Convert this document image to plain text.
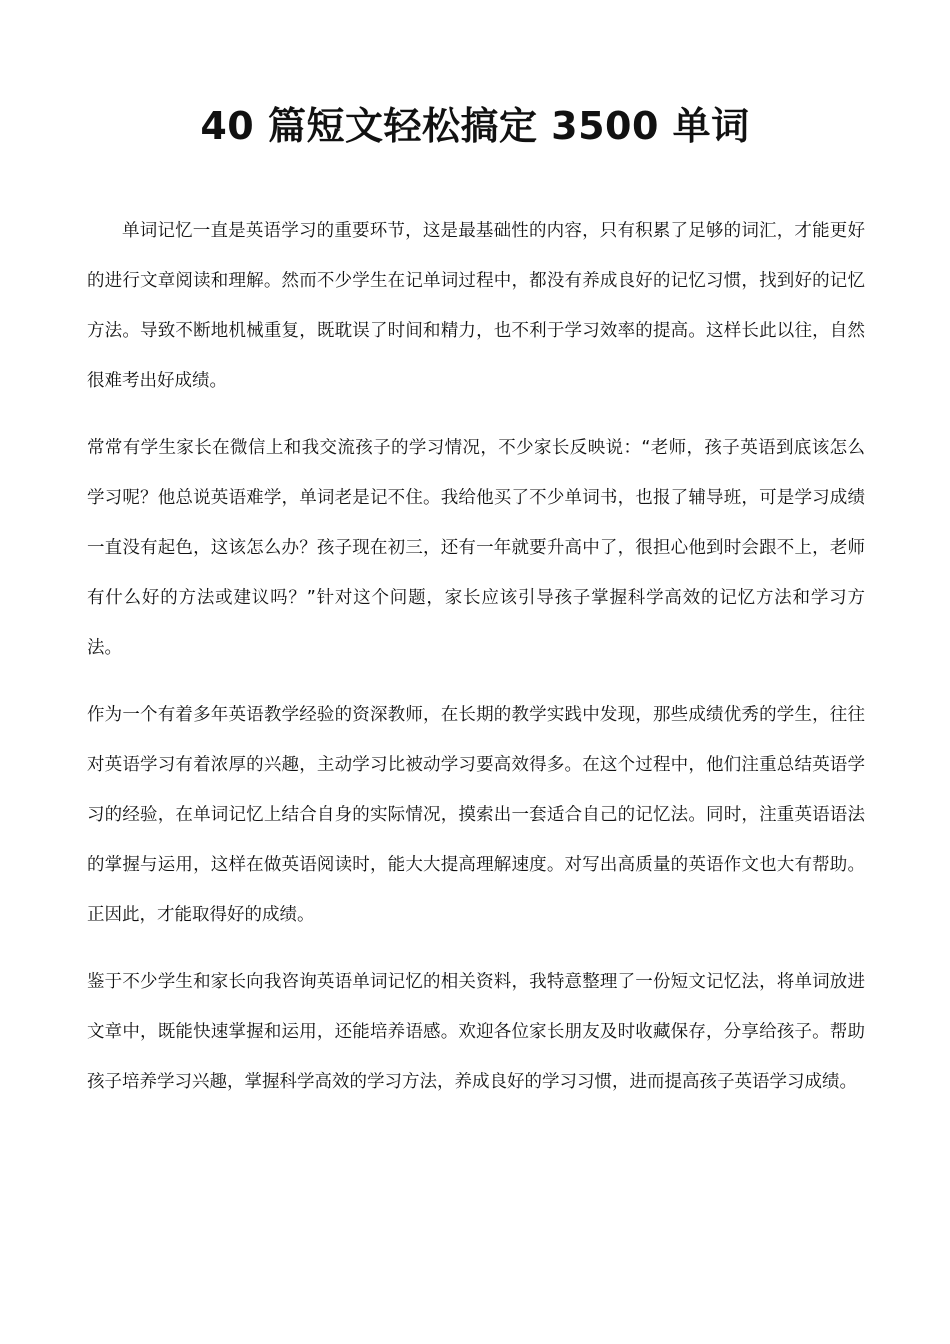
40 篇短文轻松搞定 3500 单词

单词记忆一直是英语学习的重要环节，这是最基础性的内容，只有积累了足够的词汇，才能更好的进行文章阅读和理解。然而不少学生在记单词过程中，都没有养成良好的记忆习惯，找到好的记忆方法。导致不断地机械重复，既耽误了时间和精力，也不利于学习效率的提高。这样长此以往，自然很难考出好成绩。

常常有学生家长在微信上和我交流孩子的学习情况，不少家长反映说：“老师，孩子英语到底该怎么学习呢？他总说英语难学，单词老是记不住。我给他买了不少单词书，也报了辅导班，可是学习成绩一直没有起色，这该怎么办？孩子现在初三，还有一年就要升高中了，很担心他到时会跟不上，老师有什么好的方法或建议吗？”针对这个问题，家长应该引导孩子掌握科学高效的记忆方法和学习方法。

作为一个有着多年英语教学经验的资深教师，在长期的教学实践中发现，那些成绩优秀的学生，往往对英语学习有着浓厚的兴趣，主动学习比被动学习要高效得多。在这个过程中，他们注重总结英语学习的经验，在单词记忆上结合自身的实际情况，摸索出一套适合自己的记忆法。同时，注重英语语法的掌握与运用，这样在做英语阅读时，能大大提高理解速度。对写出高质量的英语作文也大有帮助。正因此，才能取得好的成绩。

鉴于不少学生和家长向我咨询英语单词记忆的相关资料，我特意整理了一份短文记忆法，将单词放进文章中，既能快速掌握和运用，还能培养语感。欢迎各位家长朋友及时收藏保存，分享给孩子。帮助孩子培养学习兴趣，掌握科学高效的学习方法，养成良好的学习习惯，进而提高孩子英语学习成绩。
